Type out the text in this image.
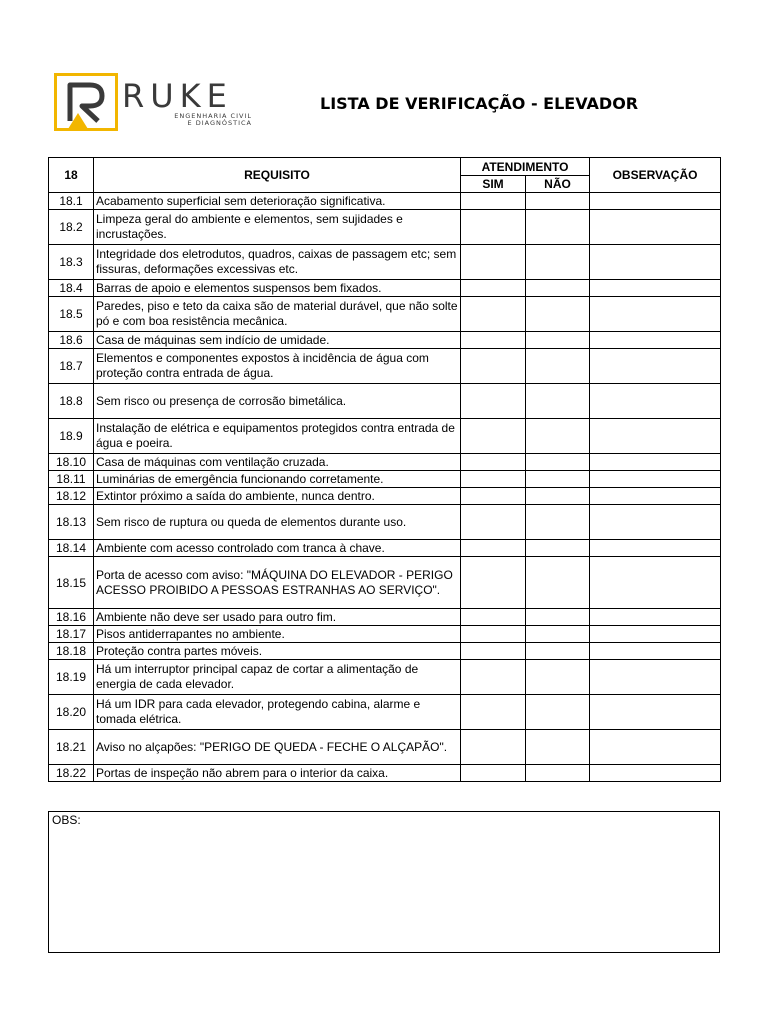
RUKE
ENGENHARIA CIVIL
E DIAGNÓSTICA
LISTA DE VERIFICAÇÃO - ELEVADOR
18	REQUISITO	ATENDIMENTO		OBSERVAÇÃO
		SIM	NÃO	
18.1	Acabamento superficial sem deterioração significativa.			
18.2	Limpeza geral do ambiente e elementos, sem sujidades e incrustações.			
18.3	Integridade dos eletrodutos, quadros, caixas de passagem etc; sem fissuras, deformações excessivas etc.			
18.4	Barras de apoio e elementos suspensos bem fixados.			
18.5	Paredes, piso e teto da caixa são de material durável, que não solte pó e com boa resistência mecânica.			
18.6	Casa de máquinas sem indício de umidade.			
18.7	Elementos e componentes expostos à incidência de água com proteção contra entrada de água.			
18.8	Sem risco ou presença de corrosão bimetálica.			
18.9	Instalação de elétrica e equipamentos protegidos contra entrada de água e poeira.			
18.10	Casa de máquinas com ventilação cruzada.			
18.11	Luminárias de emergência funcionando corretamente.			
18.12	Extintor próximo a saída do ambiente, nunca dentro.			
18.13	Sem risco de ruptura ou queda de elementos durante uso.			
18.14	Ambiente com acesso controlado com tranca à chave.			
18.15	Porta de acesso com aviso: "MÁQUINA DO ELEVADOR - PERIGO ACESSO PROIBIDO A PESSOAS ESTRANHAS AO SERVIÇO".			
18.16	Ambiente não deve ser usado para outro fim.			
18.17	Pisos antiderrapantes no ambiente.			
18.18	Proteção contra partes móveis.			
18.19	Há um interruptor principal capaz de cortar a alimentação de energia de cada elevador.			
18.20	Há um IDR para cada elevador, protegendo cabina, alarme e tomada elétrica.			
18.21	Aviso no alçapões: "PERIGO DE QUEDA - FECHE O ALÇAPÃO".			
18.22	Portas de inspeção não abrem para o interior da caixa.			
OBS:
